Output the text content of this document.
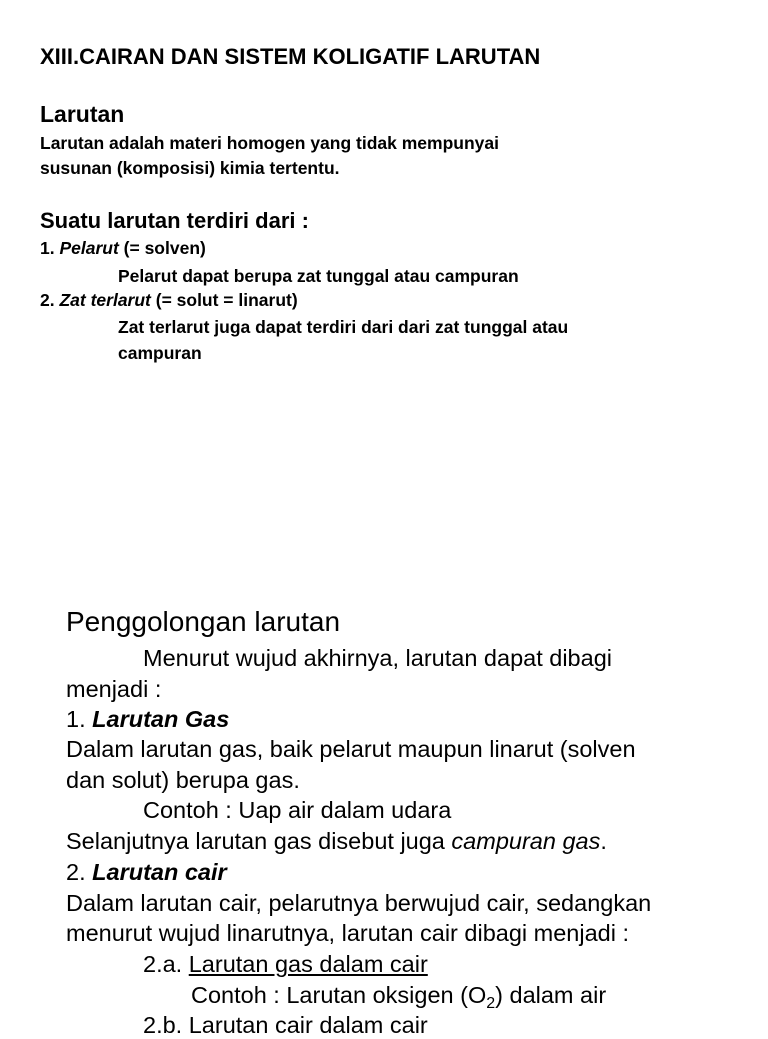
XIII.CAIRAN DAN SISTEM KOLIGATIF LARUTAN
Larutan
Larutan adalah materi homogen yang tidak mempunyai
susunan (komposisi) kimia tertentu.
Suatu larutan terdiri dari :
1. Pelarut (= solven)
Pelarut dapat berupa zat tunggal atau campuran
2. Zat terlarut (= solut = linarut)
Zat terlarut juga dapat terdiri dari dari zat tunggal atau
campuran
Penggolongan larutan
Menurut wujud akhirnya, larutan dapat dibagi
menjadi :
1. Larutan Gas
Dalam larutan gas, baik pelarut maupun linarut (solven
dan solut) berupa gas.
Contoh : Uap air dalam udara
Selanjutnya larutan gas disebut juga campuran gas.
2. Larutan cair
Dalam larutan cair, pelarutnya berwujud cair, sedangkan
menurut wujud linarutnya, larutan cair dibagi menjadi :
2.a. Larutan gas dalam cair
Contoh : Larutan oksigen $(O_2)$ dalam air
2.b. Larutan cair dalam cair
